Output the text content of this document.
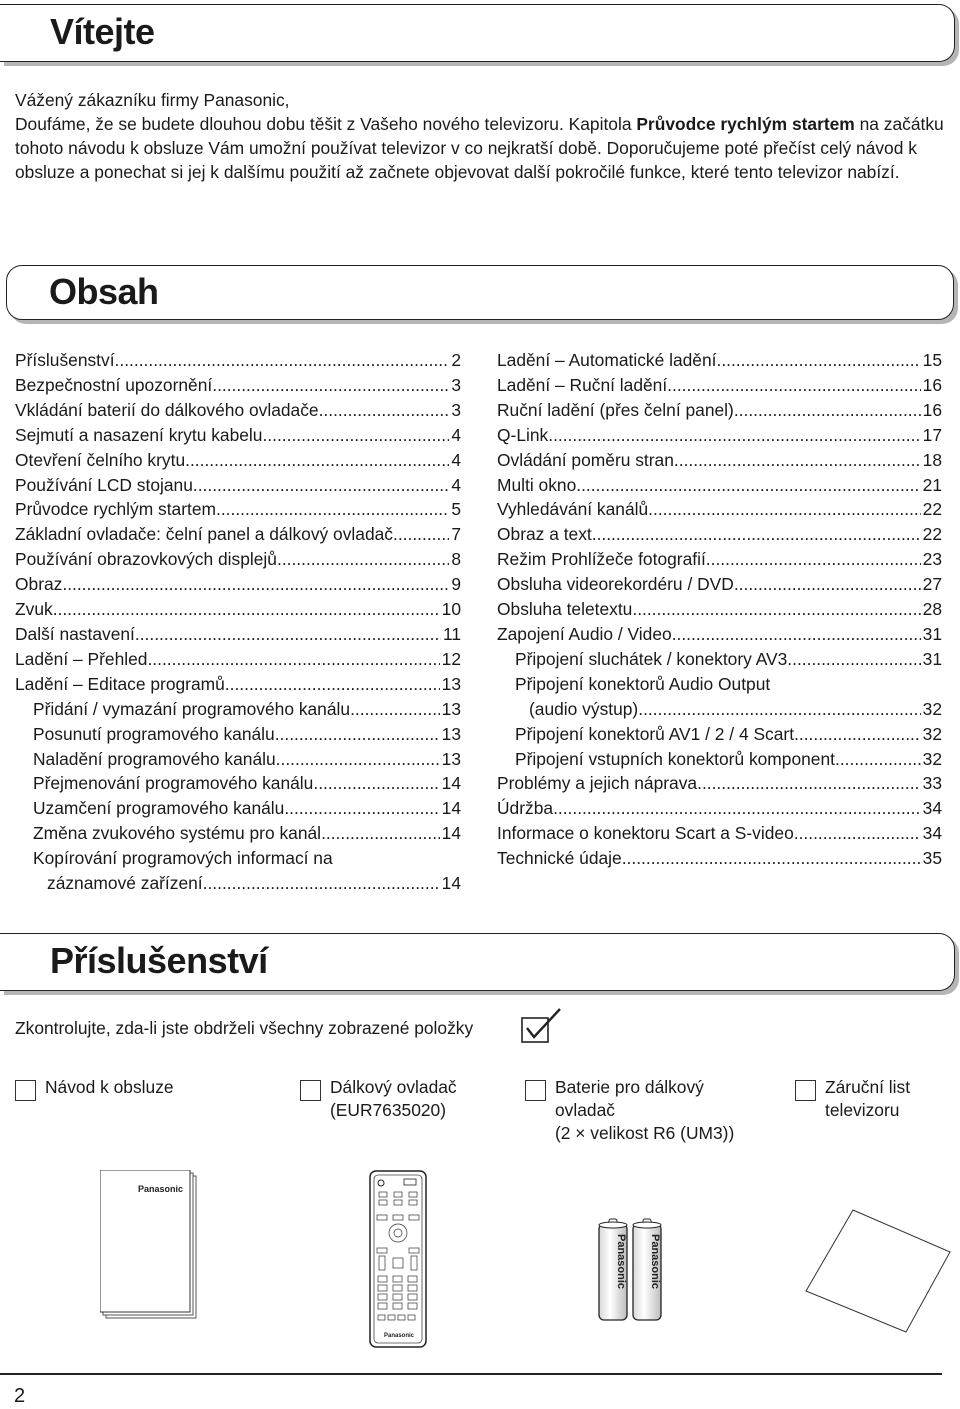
Vítejte

Vážený zákazníku firmy Panasonic,

Doufáme, že se budete dlouhou dobu těšit z Vašeho nového televizoru. Kapitola Průvodce rychlým startem na začátku tohoto návodu k obsluze Vám umožní používat televizor v co nejkratší době. Doporučujeme poté přečíst celý návod k obsluze a ponechat si jej k dalšímu použití až začnete objevovat další pokročilé funkce, které tento televizor nabízí.

Obsah
Příslušenství .....	2
Bezpečnostní upozornění .....	3
Vkládání baterií do dálkového ovladače .....	3
Sejmutí a nasazení krytu kabelu .....	4
Otevření čelního krytu .....	4
Používání LCD stojanu .....	4
Průvodce rychlým startem .....	5
Základní ovladače: čelní panel a dálkový ovladač .....	7
Používání obrazovkových displejů .....	8
Obraz .....	9
Zvuk .....	10
Další nastavení .....	11
Ladění – Přehled .....	12
Ladění – Editace programů .....	13
Přidání / vymazání programového kanálu .....	13
Posunutí programového kanálu .....	13
Naladění programového kanálu .....	13
Přejmenování programového kanálu .....	14
Uzamčení programového kanálu .....	14
Změna zvukového systému pro kanál .....	14
Kopírování programových informací na
záznamové zařízení .....	14
Ladění – Automatické ladění .....	15
Ladění – Ruční ladění .....	16
Ruční ladění (přes čelní panel) .....	16
Q-Link .....	17
Ovládání poměru stran .....	18
Multi okno .....	21
Vyhledávání kanálů .....	22
Obraz a text .....	22
Režim Prohlížeče fotografií .....	23
Obsluha videorekordéru / DVD .....	27
Obsluha teletextu .....	28
Zapojení Audio / Video .....	31
Připojení sluchátek / konektory AV3 .....	31
Připojení konektorů Audio Output
(audio výstup) .....	32
Připojení konektorů AV1 / 2 / 4 Scart .....	32
Připojení vstupních konektorů komponent .....	32
Problémy a jejich náprava .....	33
Údržba .....	34
Informace o konektoru Scart a S-video .....	34
Technické údaje .....	35
Příslušenství
Zkontrolujte, zda-li jste obdrželi všechny zobrazené položky
Návod k obsluze	Dálkový ovladač
(EUR7635020)
Baterie pro dálkový
ovladač
(2 × velikost R6 (UM3))
Záruční list
televizoru
Panasonic
Panasonic
Panasonic Panasonic
2
